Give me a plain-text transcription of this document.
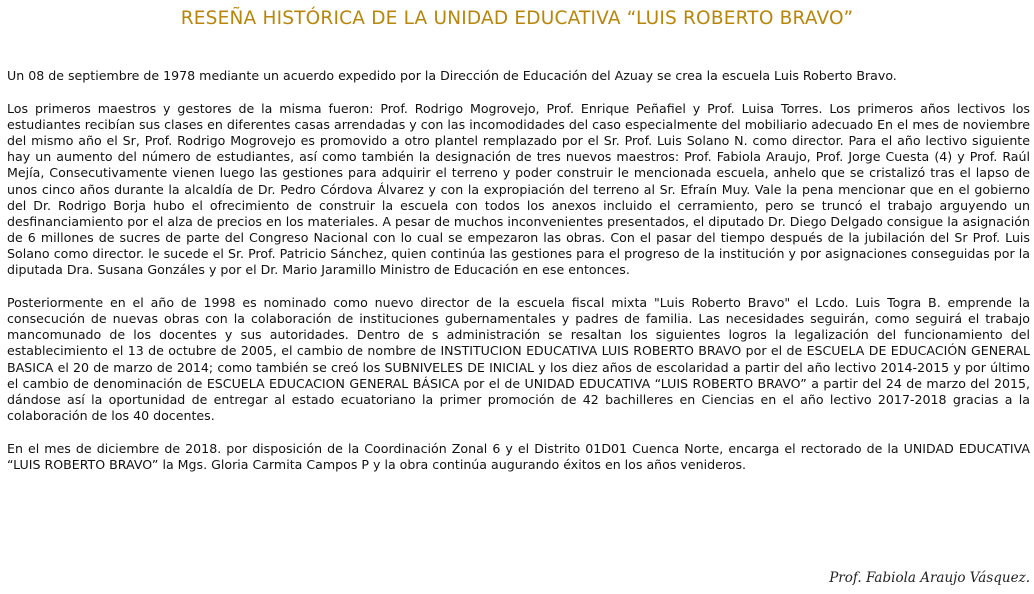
RESEÑA HISTÓRICA DE LA UNIDAD EDUCATIVA “LUIS ROBERTO BRAVO”

Un 08 de septiembre de 1978 mediante un acuerdo expedido por la Dirección de Educación del Azuay se crea la escuela Luis Roberto Bravo.

Los primeros maestros y gestores de la misma fueron: Prof. Rodrigo Mogrovejo, Prof. Enrique Peñafiel y Prof. Luisa Torres. Los primeros años lectivos los estudiantes recibían sus clases en diferentes casas arrendadas y con las incomodidades del caso especialmente del mobiliario adecuado En el mes de noviembre del mismo año el Sr, Prof. Rodrigo Mogrovejo es promovido a otro plantel remplazado por el Sr. Prof. Luis Solano N. como director. Para el año lectivo siguiente hay un aumento del número de estudiantes, así como también la designación de tres nuevos maestros: Prof. Fabiola Araujo, Prof. Jorge Cuesta (4) y Prof. Raúl Mejía, Consecutivamente vienen luego las gestiones para adquirir el terreno y poder construir le mencionada escuela, anhelo que se cristalizó tras el lapso de unos cinco años durante la alcaldía de Dr. Pedro Córdova Álvarez y con la expropiación del terreno al Sr. Efraín Muy. Vale la pena mencionar que en el gobierno del Dr. Rodrigo Borja hubo el ofrecimiento de construir la escuela con todos los anexos incluido el cerramiento, pero se truncó el trabajo arguyendo un desfinanciamiento por el alza de precios en los materiales. A pesar de muchos inconvenientes presentados, el diputado Dr. Diego Delgado consigue la asignación de 6 millones de sucres de parte del Congreso Nacional con lo cual se empezaron las obras. Con el pasar del tiempo después de la jubilación del Sr Prof. Luis Solano como director. le sucede el Sr. Prof. Patricio Sánchez, quien continúa las gestiones para el progreso de la institución y por asignaciones conseguidas por la diputada Dra. Susana Gonzáles y por el Dr. Mario Jaramillo Ministro de Educación en ese entonces.

Posteriormente en el año de 1998 es nominado como nuevo director de la escuela fiscal mixta "Luis Roberto Bravo" el Lcdo. Luis Togra B. emprende la consecución de nuevas obras con la colaboración de instituciones gubernamentales y padres de familia. Las necesidades seguirán, como seguirá el trabajo mancomunado de los docentes y sus autoridades. Dentro de s administración se resaltan los siguientes logros la legalización del funcionamiento del establecimiento el 13 de octubre de 2005, el cambio de nombre de INSTITUCION EDUCATIVA LUIS ROBERTO BRAVO por el de ESCUELA DE EDUCACIÓN GENERAL BASICA el 20 de marzo de 2014; como también se creó los SUBNIVELES DE INICIAL y los diez años de escolaridad a partir del año lectivo 2014-2015 y por último el cambio de denominación de ESCUELA EDUCACION GENERAL BÁSICA por el de UNIDAD EDUCATIVA “LUIS ROBERTO BRAVO” a partir del 24 de marzo del 2015, dándose así la oportunidad de entregar al estado ecuatoriano la primer promoción de 42 bachilleres en Ciencias en el año lectivo 2017-2018 gracias a la colaboración de los 40 docentes.

En el mes de diciembre de 2018. por disposición de la Coordinación Zonal 6 y el Distrito 01D01 Cuenca Norte, encarga el rectorado de la UNIDAD EDUCATIVA “LUIS ROBERTO BRAVO” la Mgs. Gloria Carmita Campos P y la obra continúa augurando éxitos en los años venideros.

Prof. Fabiola Araujo Vásquez.
